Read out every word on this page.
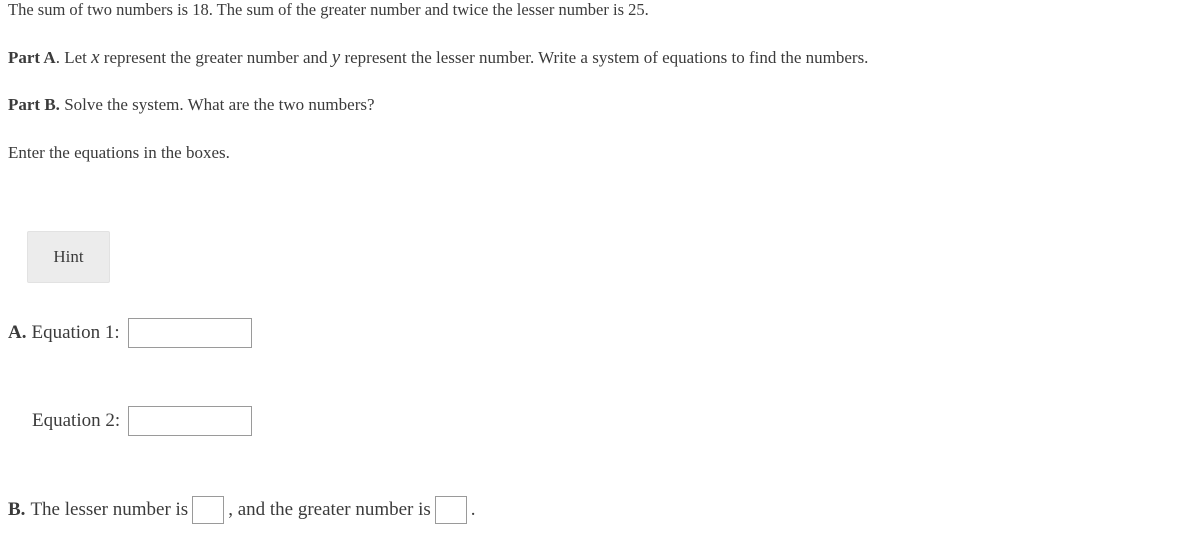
The sum of two numbers is 18. The sum of the greater number and twice the lesser number is 25.
Part A. Let x represent the greater number and y represent the lesser number. Write a system of equations to find the numbers.
Part B. Solve the system. What are the two numbers?
Enter the equations in the boxes.
Hint
A. Equation 1:
Equation 2:
B. The lesser number is , and the greater number is .
